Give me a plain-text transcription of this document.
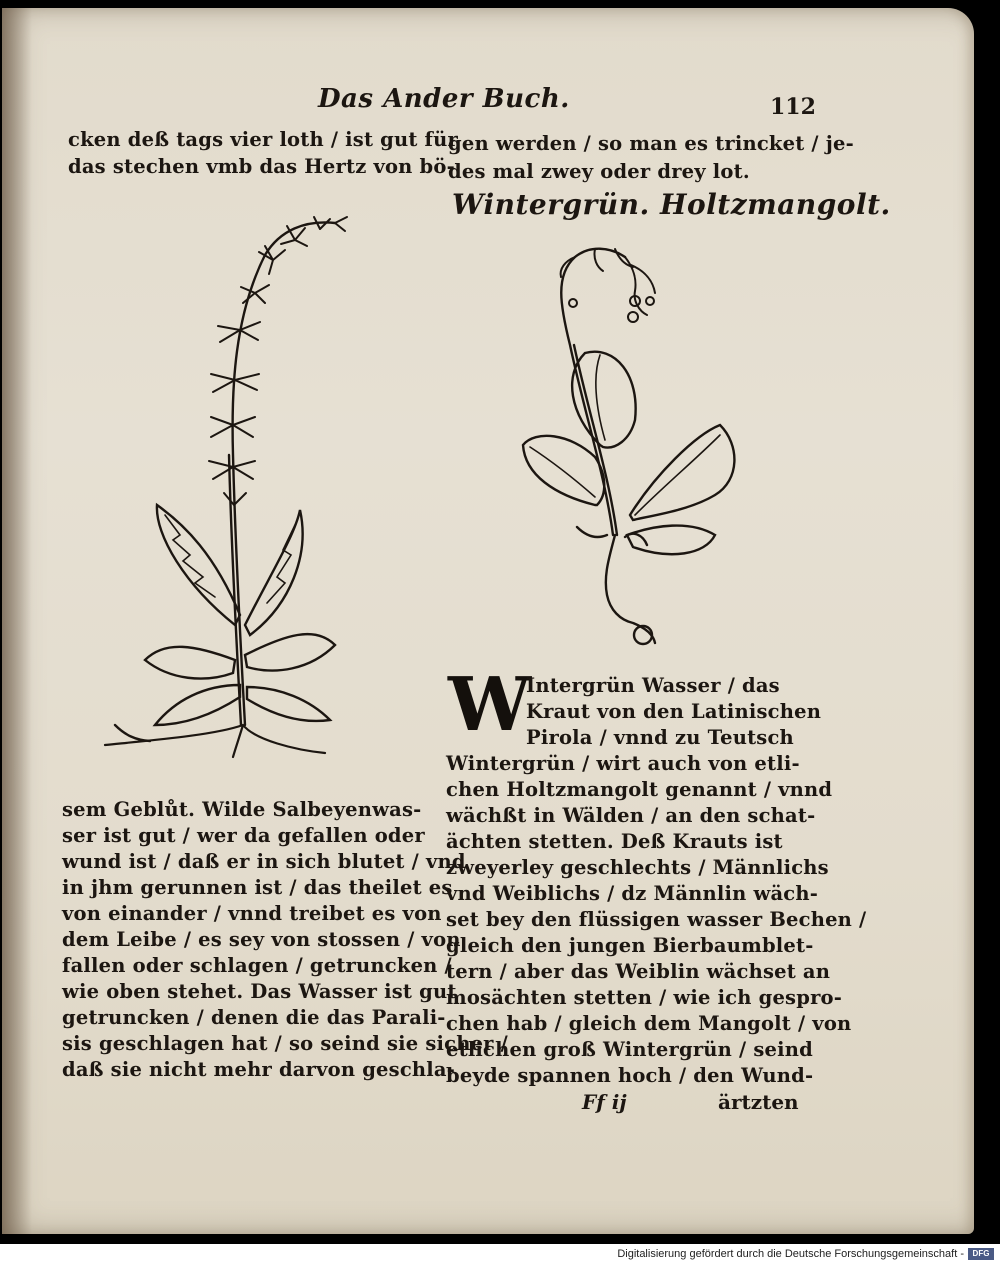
Das Ander Buch.	112
cken deß tags vier loth / ist gut für
das stechen vmb das Hertz von bö-
gen werden / so man es trincket / je-
des mal zwey oder drey lot.
Wintergrün. Holtzmangolt.
sem Geblůt. Wilde Salbeyenwas-
ser ist gut / wer da gefallen oder
wund ist / daß er in sich blutet / vnd
in jhm gerunnen ist / das theilet es
von einander / vnnd treibet es von
dem Leibe / es sey von stossen / von
fallen oder schlagen / getruncken /
wie oben stehet. Das Wasser ist gut
getruncken / denen die das Parali-
sis geschlagen hat / so seind sie sicher /
daß sie nicht mehr darvon geschla-
W
Intergrün Wasser / das
Kraut von den Latinischen
Pirola / vnnd zu Teutsch
Wintergrün / wirt auch von etli-
chen Holtzmangolt genannt / vnnd
wächßt in Wälden / an den schat-
ächten stetten. Deß Krauts ist
zweyerley geschlechts / Männlichs
vnd Weiblichs / dz Männlin wäch-
set bey den flüssigen wasser Bechen /
gleich den jungen Bierbaumblet-
tern / aber das Weiblin wächset an
mosächten stetten / wie ich gespro-
chen hab / gleich dem Mangolt / von
etlichen groß Wintergrün / seind
beyde spannen hoch / den Wund-
Ff ij	ärtzten
Digitalisierung gefördert durch die Deutsche Forschungsgemeinschaft -	DFG
